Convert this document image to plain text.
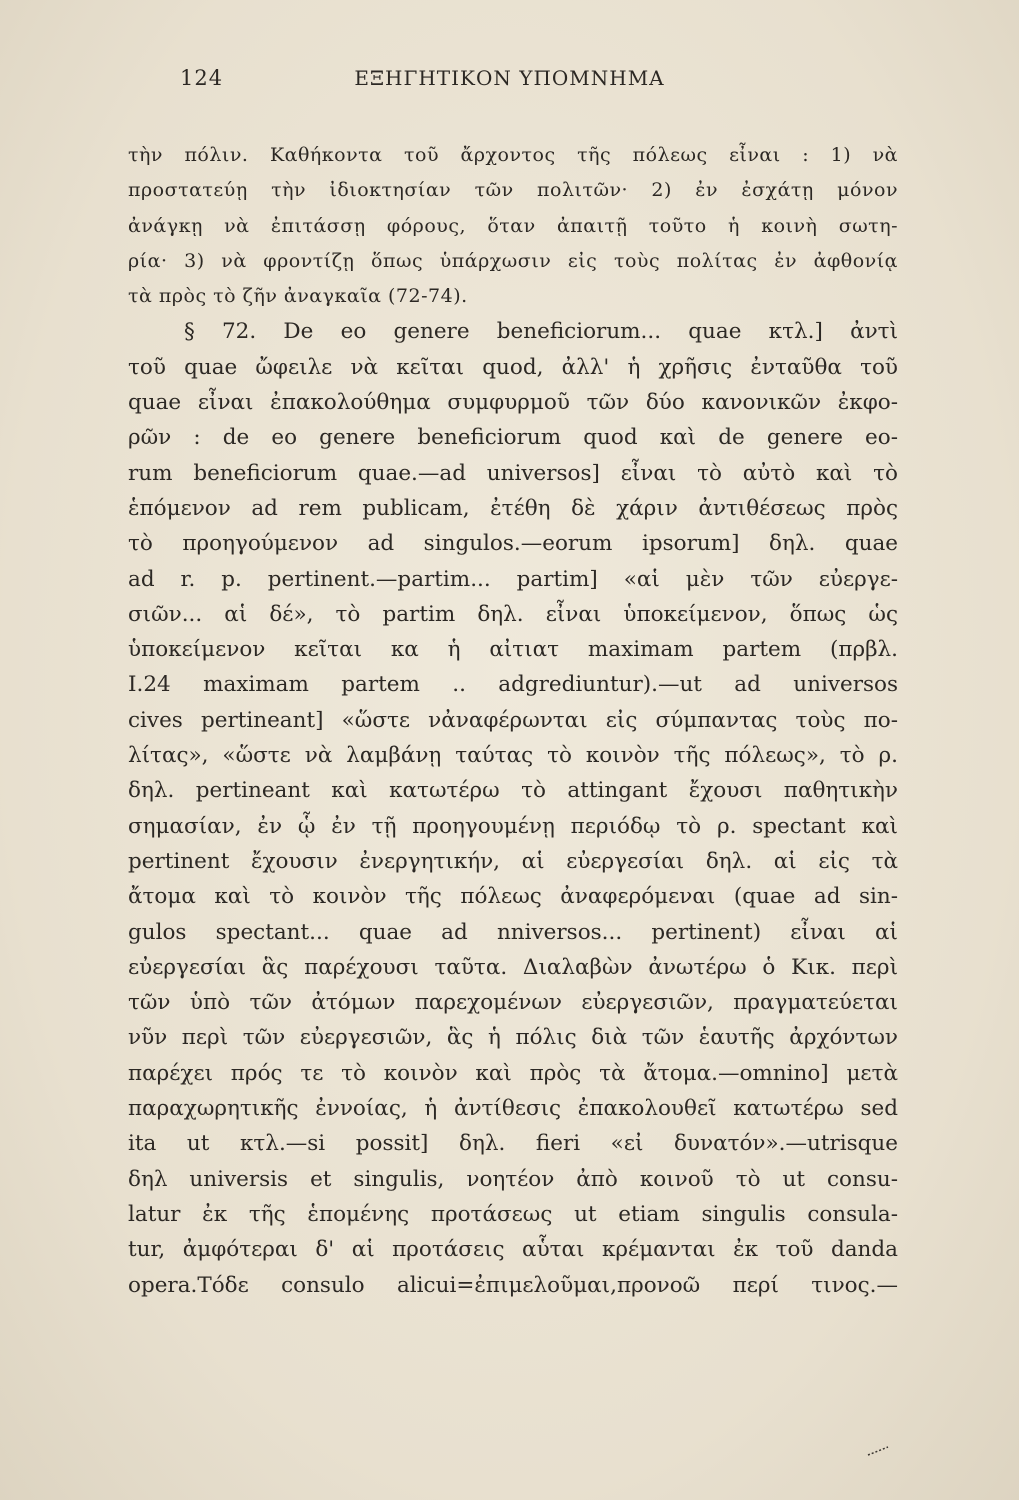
124	ΕΞΗΓΗΤΙΚΟΝ ΥΠΟΜΝΗΜΑ
τὴν πόλιν. Καθήκοντα τοῦ ἄρχοντος τῆς πόλεως εἶναι : 1) νὰ
προστατεύῃ τὴν ἰδιοκτησίαν τῶν πολιτῶν· 2) ἐν ἐσχάτῃ μόνον
ἀνάγκῃ νὰ ἐπιτάσσῃ φόρους, ὅταν ἀπαιτῇ τοῦτο ἡ κοινὴ σωτη-
ρία· 3) νὰ φροντίζῃ ὅπως ὑπάρχωσιν εἰς τοὺς πολίτας ἐν ἀφθονίᾳ
τὰ πρὸς τὸ ζῆν ἀναγκαῖα (72-74).
§ 72. De eo genere beneficiorum... quae κτλ.] ἀντὶ
τοῦ quae ὤφειλε νὰ κεῖται quod, ἀλλ' ἡ χρῆσις ἐνταῦθα τοῦ
quae εἶναι ἐπακολούθημα συμφυρμοῦ τῶν δύο κανονικῶν ἐκφο-
ρῶν : de eo genere beneficiorum quod καὶ de genere eo-
rum beneficiorum quae.—ad universos] εἶναι τὸ αὐτὸ καὶ τὸ
ἑπόμενον ad rem publicam, ἐτέθη δὲ χάριν ἀντιθέσεως πρὸς
τὸ προηγούμενον ad singulos.—eorum ipsorum] δηλ. quae
ad r. p. pertinent.—partim... partim] «αἱ μὲν τῶν εὐεργε-
σιῶν... αἱ δέ», τὸ partim δηλ. εἶναι ὑποκείμενον, ὅπως ὡς
ὑποκείμενον κεῖται κα ἡ αἰτιατ maximam partem (πρβλ.
I.24 maximam partem .. adgrediuntur).—ut ad universos
cives pertineant] «ὥστε νἀναφέρωνται εἰς σύμπαντας τοὺς πο-
λίτας», «ὥστε νὰ λαμβάνῃ ταύτας τὸ κοινὸν τῆς πόλεως», τὸ ρ.
δηλ. pertineant καὶ κατωτέρω τὸ attingant ἔχουσι παθητικὴν
σημασίαν, ἐν ᾧ ἐν τῇ προηγουμένῃ περιόδῳ τὸ ρ. spectant καὶ
pertinent ἔχουσιν ἐνεργητικήν, αἱ εὐεργεσίαι δηλ. αἱ εἰς τὰ
ἄτομα καὶ τὸ κοινὸν τῆς πόλεως ἀναφερόμεναι (quae ad sin-
gulos spectant... quae ad nniversos... pertinent) εἶναι αἱ
εὐεργεσίαι ἃς παρέχουσι ταῦτα. Διαλαβὼν ἀνωτέρω ὁ Κικ. περὶ
τῶν ὑπὸ τῶν ἀτόμων παρεχομένων εὐεργεσιῶν, πραγματεύεται
νῦν περὶ τῶν εὐεργεσιῶν, ἃς ἡ πόλις διὰ τῶν ἑαυτῆς ἀρχόντων
παρέχει πρός τε τὸ κοινὸν καὶ πρὸς τὰ ἄτομα.—omnino] μετὰ
παραχωρητικῆς ἐννοίας, ἡ ἀντίθεσις ἐπακολουθεῖ κατωτέρω sed
ita ut κτλ.—si possit] δηλ. fieri «εἰ δυνατόν».—utrisque
δηλ universis et singulis, νοητέον ἀπὸ κοινοῦ τὸ ut consu-
latur ἐκ τῆς ἑπομένης προτάσεως ut etiam singulis consula-
tur, ἀμφότεραι δ' αἱ προτάσεις αὗται κρέμανται ἐκ τοῦ danda
opera.Τόδε consulo alicui=ἐπιμελοῦμαι,προνοῶ περί τινος.—
